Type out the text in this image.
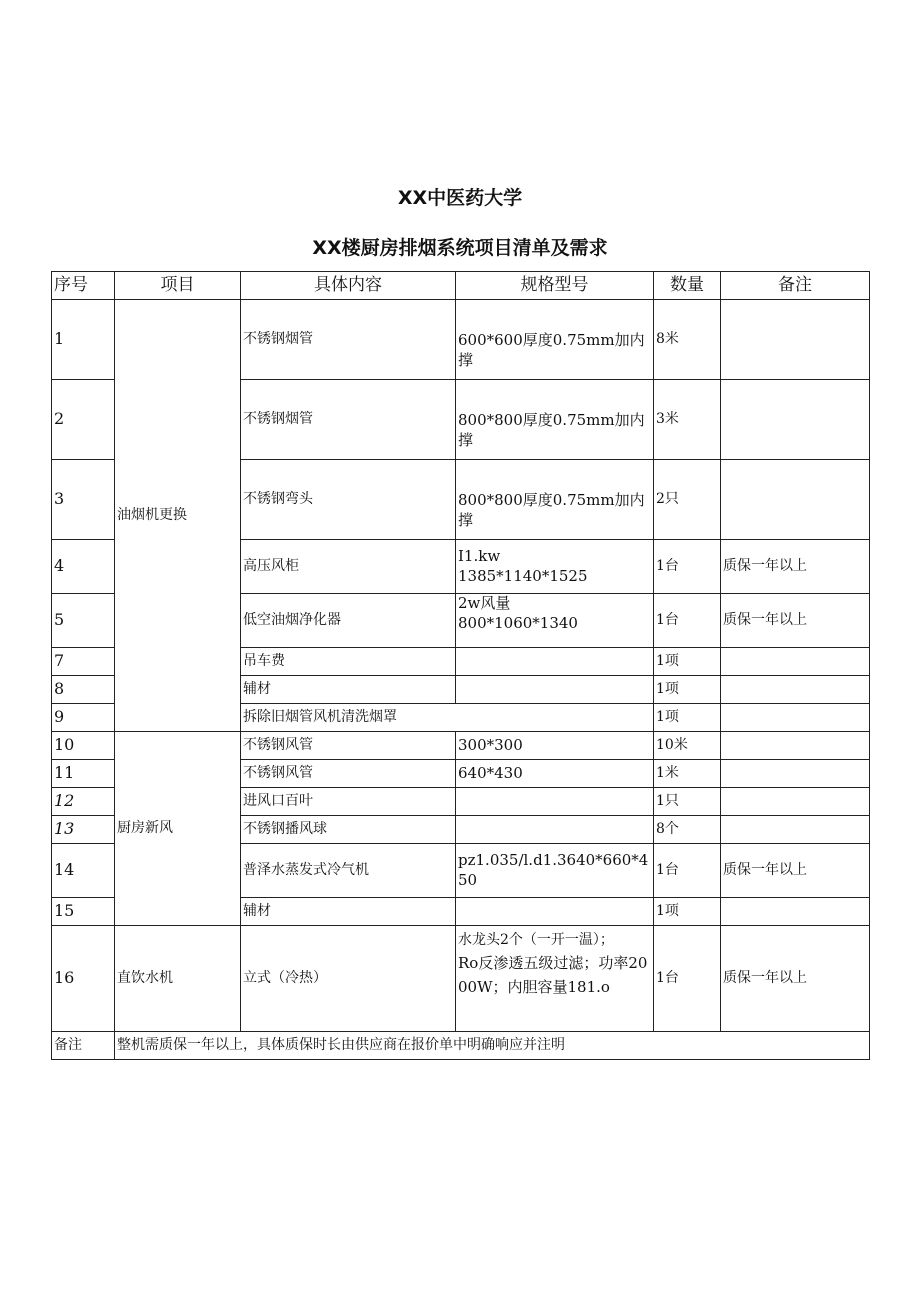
XX中医药大学
XX楼厨房排烟系统项目清单及需求
序号	项目	具体内容	规格型号	数量	备注
1	油烟机更换	不锈钢烟管	600*600厚度0.75mm加内撑	8米	
2		不锈钢烟管	800*800厚度0.75mm加内撑	3米	
3		不锈钢弯头	800*800厚度0.75mm加内撑	2只	
4		高压风柜	I1.kw
1385*1140*1525	1台	质保一年以上
5		低空油烟净化器	2w风量
800*1060*1340	1台	质保一年以上
7		吊车费		1项	
8		辅材		1项	
9		拆除旧烟管风机清洗烟罩		1项	
10	厨房新风	不锈钢风管	300*300	10米	
11		不锈钢风管	640*430	1米	
12		进风口百叶		1只	
13		不锈钢播风球		8个	
14		普泽水蒸发式冷气机	pz1.035/l.d1.3640*660*450	1台	质保一年以上
15		辅材		1项	
16	直饮水机	立式（冷热）	水龙头2个（一开一温）；
Ro反渗透五级过滤；功率2000W；内胆容量181.o	1台	质保一年以上
备注	整机需质保一年以上，具体质保时长由供应商在报价单中明确响应并注明				
